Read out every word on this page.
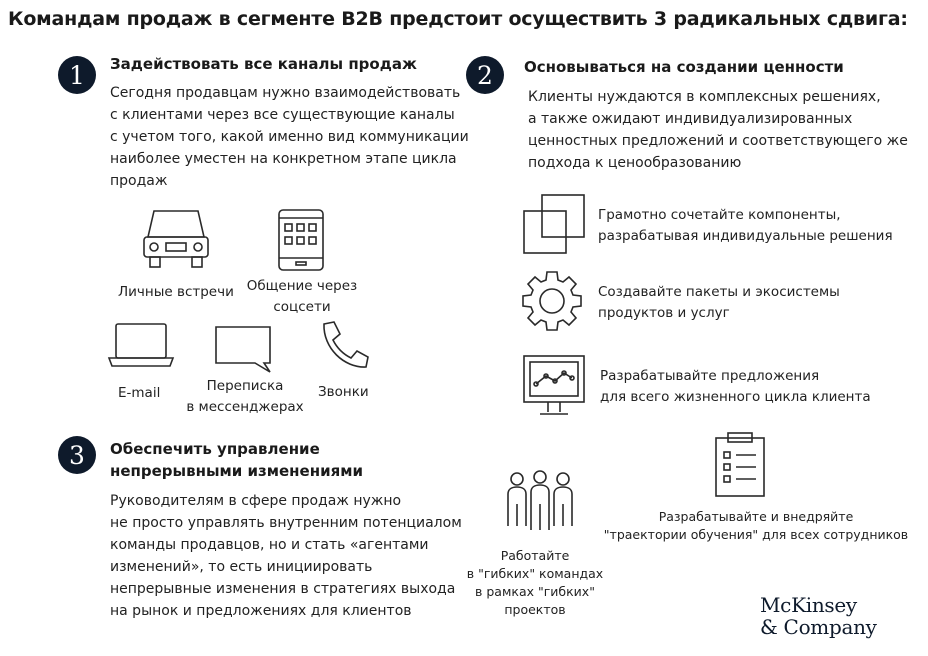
Командам продаж в сегменте B2B предстоит осуществить 3 радикальных сдвига:
1	Задействовать все каналы продаж
Сегодня продавцам нужно взаимодействовать
с клиентами через все существующие каналы
с учетом того, какой именно вид коммуникации
наиболее уместен на конкретном этапе цикла
продаж
Личные встречи Общение через
соцсети
E-mail	Переписка
в мессенджерах
Звонки
2	Основываться на создании ценности
Клиенты нуждаются в комплексных решениях,
а также ожидают индивидуализированных
ценностных предложений и соответствующего же
подхода к ценообразованию
Грамотно сочетайте компоненты,
разрабатывая индивидуальные решения
Создавайте пакеты и экосистемы
продуктов и услуг
Разрабатывайте предложения
для всего жизненного цикла клиента
3	Обеспечить управление
непрерывными изменениями
Руководителям в сфере продаж нужно
не просто управлять внутренним потенциалом
команды продавцов, но и стать «агентами
изменений», то есть инициировать
непрерывные изменения в стратегиях выхода
на рынок и предложениях для клиентов
Работайте
в "гибких" командах
в рамках "гибких"
проектов
Разрабатывайте и внедряйте
"траектории обучения" для всех сотрудников
McKinsey
& Company
